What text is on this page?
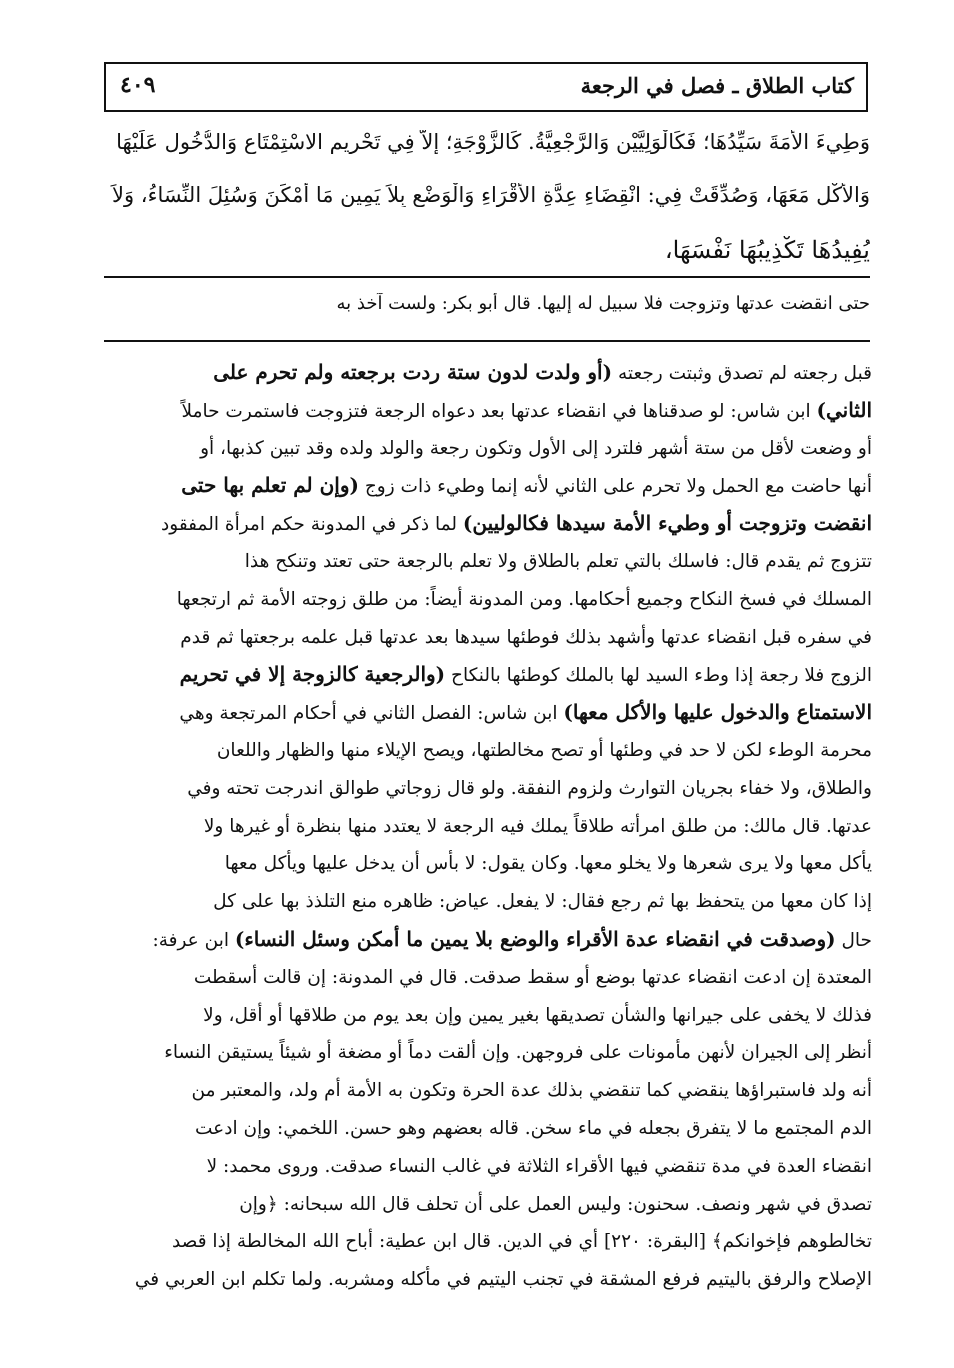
كتاب الطلاق ـ فصل في الرجعة
٤٠٩
وَطِيءَ الأَمَةَ سَيِّدُهَا؛ فَكَالْوَلِيَّيْنِ وَالرَّجْعِيَّةُ. كَالزَّوْجَةِ؛ إلاَّ فِي تَحْرِيمِ الاسْتِمْتَاعِ وَالدُّخُولِ عَلَيْهَا
وَالأَكْلِ مَعَهَا، وَصُدِّقَتْ فِي: انْقِضَاءِ عِدَّةِ الأَقْرَاءِ وَالْوَضْعِ بِلاَ يَمِينٍ مَا أَمْكَنَ وَسُئِلَ النِّسَاءُ، وَلاَ
يُفِيدُهَا تَكْذِيبُهَا نَفْسَهَا،
حتى انقضت عدتها وتزوجت فلا سبيل له إليها. قال أبو بكر: ولست آخذ به
قبل رجعته لم تصدق وثبتت رجعته (أو ولدت لدون ستة ردت برجعته ولم تحرم على
الثاني) ابن شاس: لو صدقناها في انقضاء عدتها بعد دعواه الرجعة فتزوجت فاستمرت حاملاً
أو وضعت لأقل من ستة أشهر فلترد إلى الأول وتكون رجعة والولد ولده وقد تبين كذبها، أو
أنها حاضت مع الحمل ولا تحرم على الثاني لأنه إنما وطيء ذات زوج (وإن لم تعلم بها حتى
انقضت وتزوجت أو وطيء الأمة سيدها فكالوليين) لما ذكر في المدونة حكم امرأة المفقود
تتزوج ثم يقدم قال: فاسلك بالتي تعلم بالطلاق ولا تعلم بالرجعة حتى تعتد وتنكح هذا
المسلك في فسخ النكاح وجميع أحكامها. ومن المدونة أيضاً: من طلق زوجته الأمة ثم ارتجعها
في سفره قبل انقضاء عدتها وأشهد بذلك فوطئها سيدها بعد عدتها قبل علمه برجعتها ثم قدم
الزوج فلا رجعة إذا وطء السيد لها بالملك كوطئها بالنكاح (والرجعية كالزوجة إلا في تحريم
الاستمتاع والدخول عليها والأكل معها) ابن شاس: الفصل الثاني في أحكام المرتجعة وهي
محرمة الوطء لكن لا حد في وطئها أو تصح مخالطتها، ويصح الإيلاء منها والظهار واللعان
والطلاق، ولا خفاء بجريان التوارث ولزوم النفقة. ولو قال زوجاتي طوالق اندرجت تحته وفي
عدتها. قال مالك: من طلق امرأته طلاقاً يملك فيه الرجعة لا يعتدد منها بنظرة أو غيرها ولا
يأكل معها ولا يرى شعرها ولا يخلو معها. وكان يقول: لا بأس أن يدخل عليها ويأكل معها
إذا كان معها من يتحفظ بها ثم رجع فقال: لا يفعل. عياض: ظاهره منع التلذذ بها على كل
حال (وصدقت في انقضاء عدة الأقراء والوضع بلا يمين ما أمكن وسئل النساء) ابن عرفة:
المعتدة إن ادعت انقضاء عدتها بوضع أو سقط صدقت. قال في المدونة: إن قالت أسقطت
فذلك لا يخفى على جيرانها والشأن تصديقها بغير يمين وإن بعد يوم من طلاقها أو أقل، ولا
أنظر إلى الجيران لأنهن مأمونات على فروجهن. وإن ألقت دماً أو مضغة أو شيئاً يستيقن النساء
أنه ولد فاستبراؤها ينقضي كما تنقضي بذلك عدة الحرة وتكون به الأمة أم ولد، والمعتبر من
الدم المجتمع ما لا يتفرق بجعله في ماء سخن. قاله بعضهم وهو حسن. اللخمي: وإن ادعت
انقضاء العدة في مدة تنقضي فيها الأقراء الثلاثة في غالب النساء صدقت. وروى محمد: لا
تصدق في شهر ونصف. سحنون: وليس العمل على أن تحلف قال الله سبحانه: ﴿وإن
تخالطوهم فإخوانكم﴾ [البقرة: ٢٢٠] أي في الدين. قال ابن عطية: أباح الله المخالطة إذا قصد
الإصلاح والرفق باليتيم فرفع المشقة في تجنب اليتيم في مأكله ومشربه. ولما تكلم ابن العربي في
